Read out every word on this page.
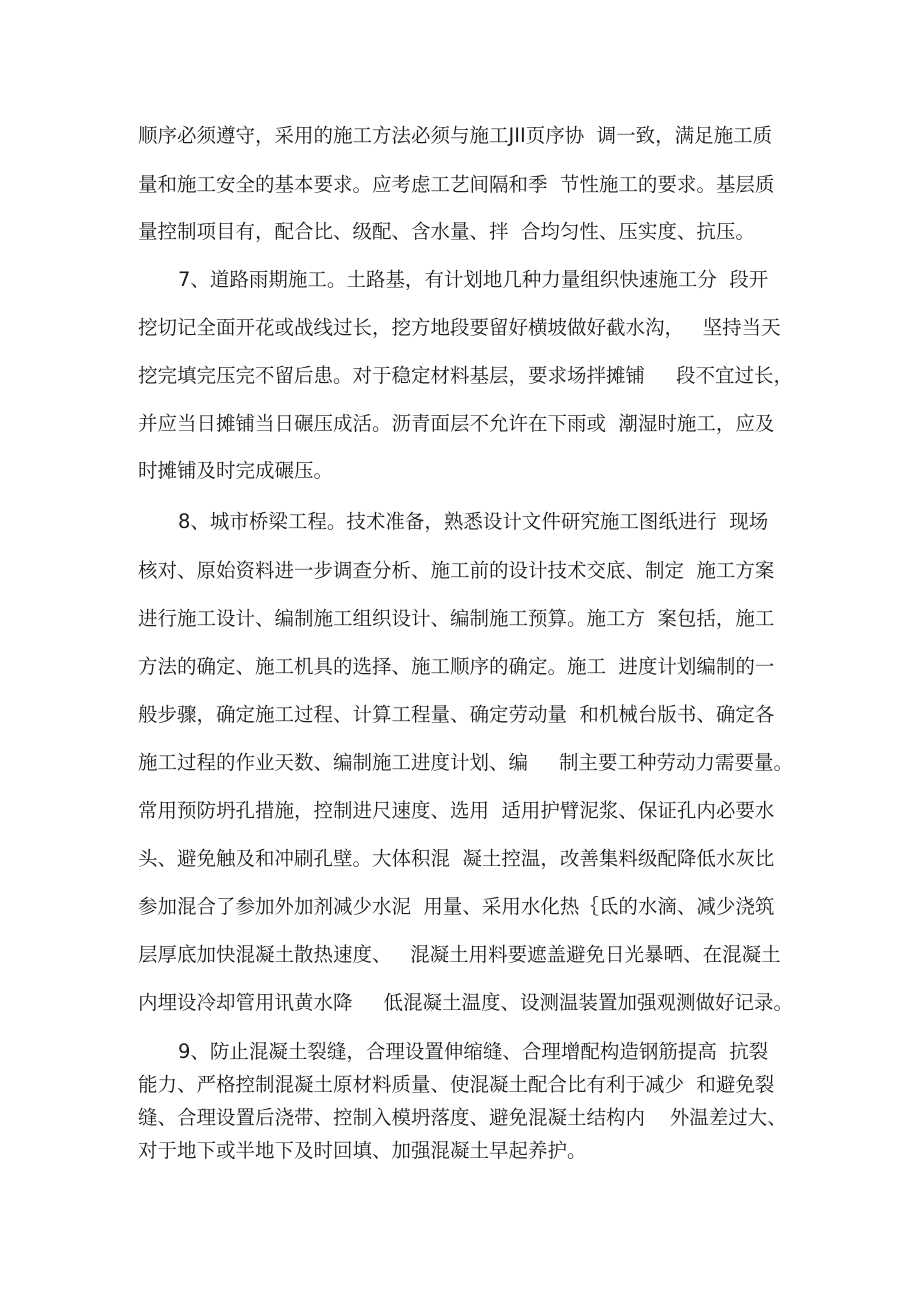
顺序必须遵守，采用的施工方法必须与施工JII页序协  调一致，满足施工质
量和施工安全的基本要求。应考虑工艺间隔和季  节性施工的要求。基层质
量控制项目有，配合比、级配、含水量、拌  合均匀性、压实度、抗压。
7、道路雨期施工。土路基，有计划地几种力量组织快速施工分  段开
挖切记全面开花或战线过长，挖方地段要留好横坡做好截水沟，   坚持当天
挖完填完压完不留后患。对于稳定材料基层，要求场拌摊铺     段不宜过长，
并应当日摊铺当日碾压成活。沥青面层不允许在下雨或  潮湿时施工，应及
时摊铺及时完成碾压。
8、城市桥梁工程。技术准备，熟悉设计文件研究施工图纸进行  现场
核对、原始资料进一步调查分析、施工前的设计技术交底、制定  施工方案
进行施工设计、编制施工组织设计、编制施工预算。施工方  案包括，施工
方法的确定、施工机具的选择、施工顺序的确定。施工  进度计划编制的一
般步骤，确定施工过程、计算工程量、确定劳动量  和机械台版书、确定各
施工过程的作业天数、编制施工进度计划、编     制主要工种劳动力需要量。
常用预防坍孔措施，控制进尺速度、选用  适用护臂泥浆、保证孔内必要水
头、避免触及和冲刷孔壁。大体积混  凝土控温，改善集料级配降低水灰比
参加混合了参加外加剂减少水泥  用量、采用水化热｛氐的水滴、减少浇筑
层厚底加快混凝土散热速度、   混凝土用料要遮盖避免日光暴晒、在混凝土
内埋设冷却管用讯黄水降     低混凝土温度、设测温装置加强观测做好记录。
9、防止混凝土裂缝，合理设置伸缩缝、合理增配构造钢筋提高  抗裂
能力、严格控制混凝土原材料质量、使混凝土配合比有利于减少  和避免裂
缝、合理设置后浇带、控制入模坍落度、避免混凝土结构内    外温差过大、
对于地下或半地下及时回填、加强混凝土早起养护。
